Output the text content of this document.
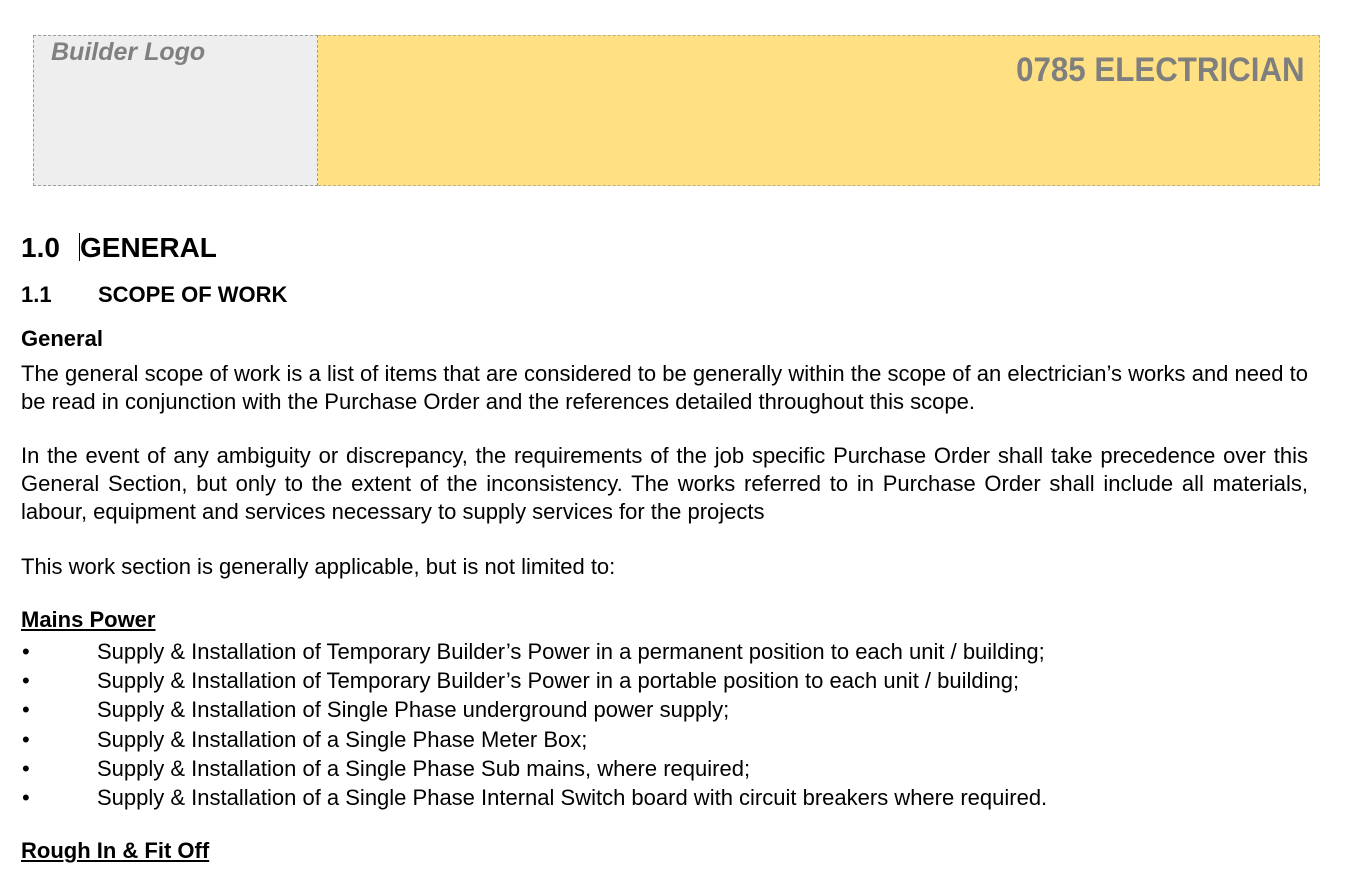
Builder Logo	0785 ELECTRICIAN
1.0 GENERAL
1.1 SCOPE OF WORK
General
The general scope of work is a list of items that are considered to be generally within the scope of an electrician’s works and need to be read in conjunction with the Purchase Order and the references detailed throughout this scope.
In the event of any ambiguity or discrepancy, the requirements of the job specific Purchase Order shall take precedence over this General Section, but only to the extent of the inconsistency. The works referred to in Purchase Order shall include all materials, labour, equipment and services necessary to supply services for the projects
This work section is generally applicable, but is not limited to:
Mains Power
•	Supply & Installation of Temporary Builder’s Power in a permanent position to each unit / building;
•	Supply & Installation of Temporary Builder’s Power in a portable position to each unit / building;
•	Supply & Installation of Single Phase underground power supply;
•	Supply & Installation of a Single Phase Meter Box;
•	Supply & Installation of a Single Phase Sub mains, where required;
•	Supply & Installation of a Single Phase Internal Switch board with circuit breakers where required.
Rough In & Fit Off
